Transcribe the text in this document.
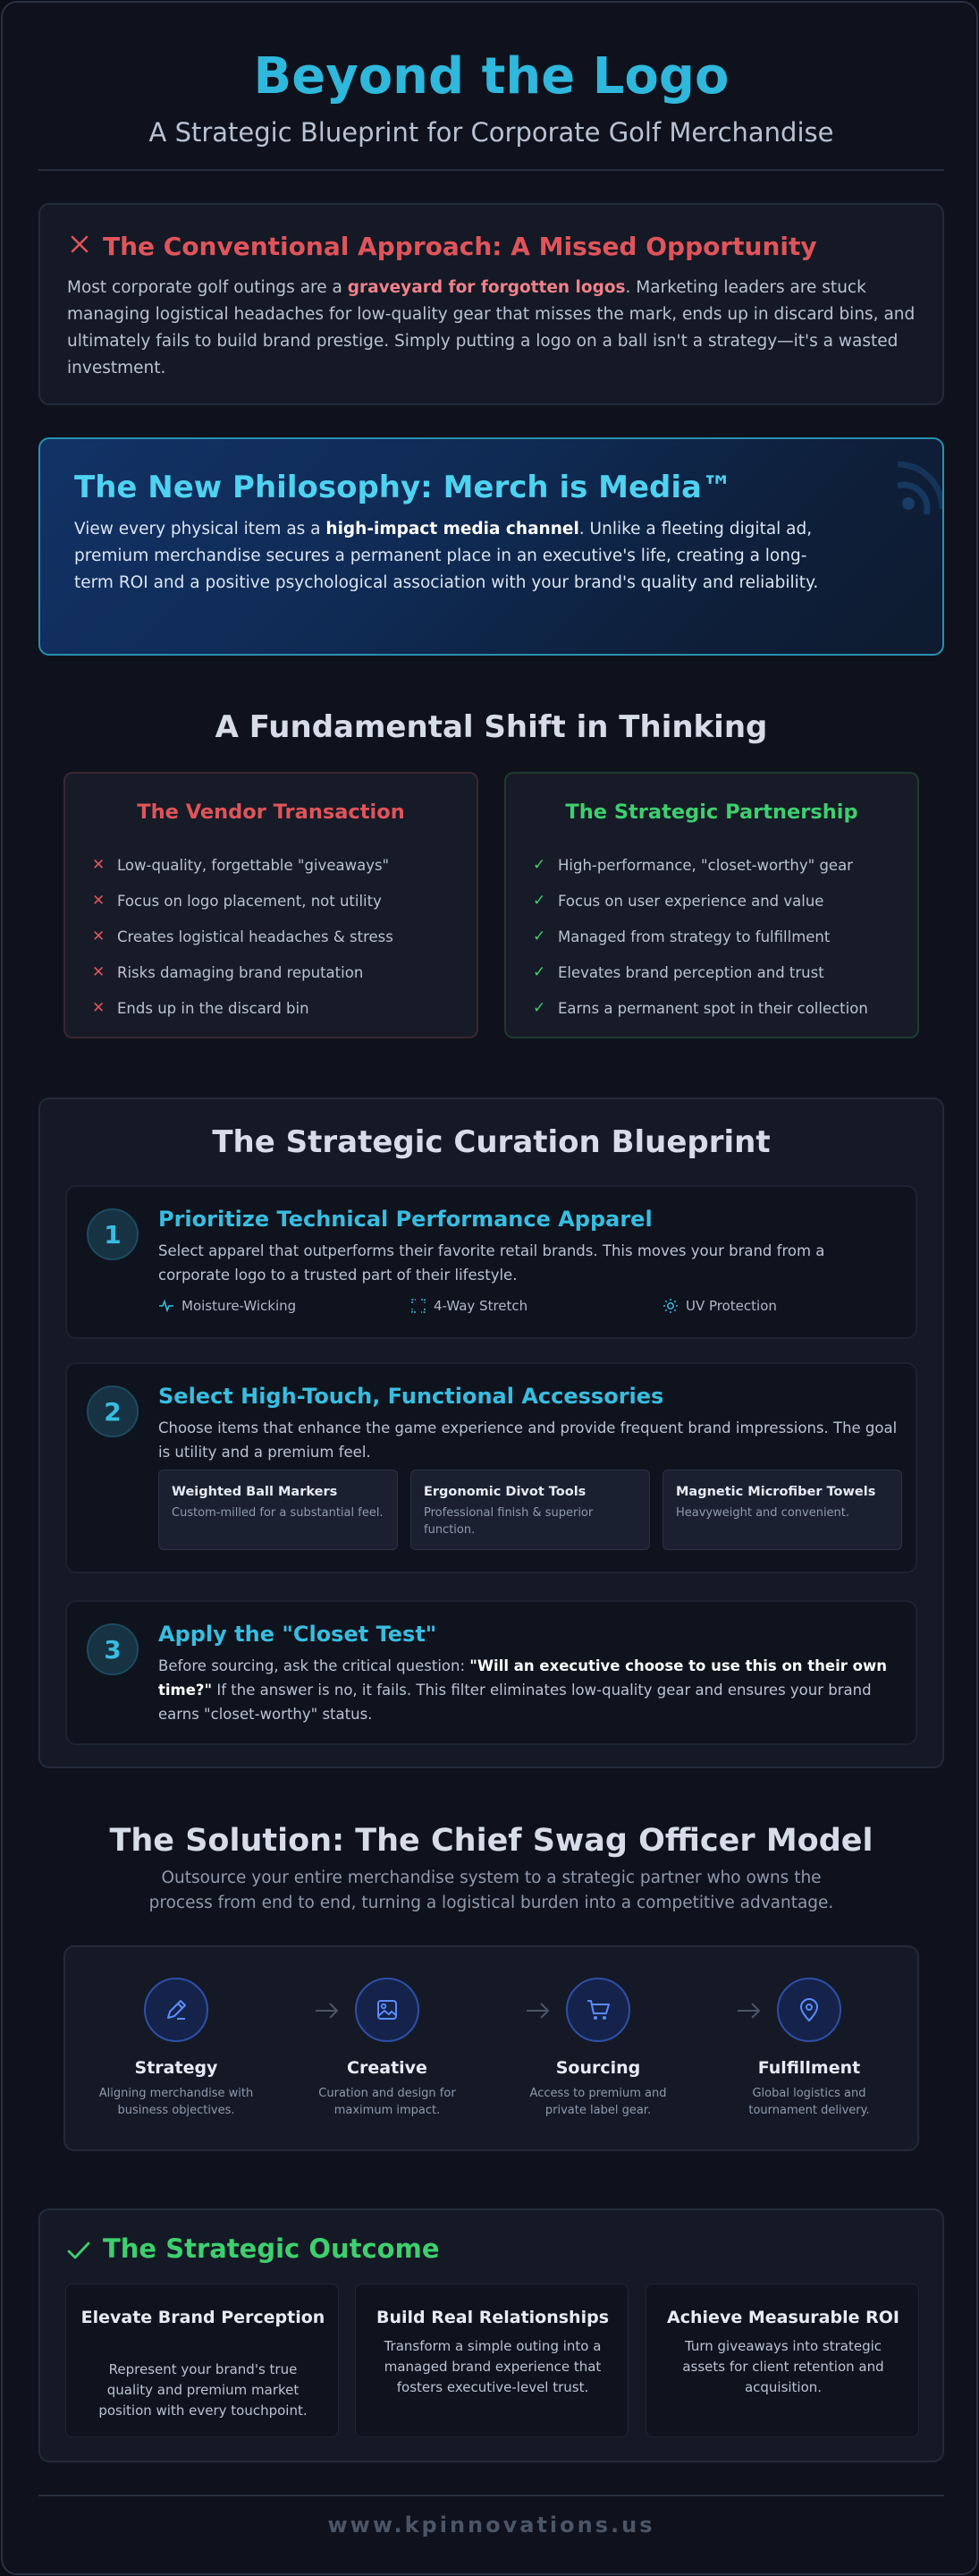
Beyond the Logo
A Strategic Blueprint for Corporate Golf Merchandise
The Conventional Approach: A Missed Opportunity
Most corporate golf outings are a graveyard for forgotten logos. Marketing leaders are stuck managing logistical headaches for low-quality gear that misses the mark, ends up in discard bins, and ultimately fails to build brand prestige. Simply putting a logo on a ball isn't a strategy—it's a wasted investment.
The New Philosophy: Merch is Media™
View every physical item as a high-impact media channel. Unlike a fleeting digital ad, premium merchandise secures a permanent place in an executive's life, creating a long-term ROI and a positive psychological association with your brand's quality and reliability.
A Fundamental Shift in Thinking
The Vendor Transaction
✕ Low-quality, forgettable "giveaways"
✕ Focus on logo placement, not utility
✕ Creates logistical headaches & stress
✕ Risks damaging brand reputation
✕ Ends up in the discard bin
The Strategic Partnership
✓ High-performance, "closet-worthy" gear
✓ Focus on user experience and value
✓ Managed from strategy to fulfillment
✓ Elevates brand perception and trust
✓ Earns a permanent spot in their collection
The Strategic Curation Blueprint
1
Prioritize Technical Performance Apparel
Select apparel that outperforms their favorite retail brands. This moves your brand from a corporate logo to a trusted part of their lifestyle.
Moisture-Wicking	4-Way Stretch	UV Protection
2
Select High-Touch, Functional Accessories
Choose items that enhance the game experience and provide frequent brand impressions. The goal is utility and a premium feel.
Weighted Ball Markers
Custom-milled for a substantial feel.
Ergonomic Divot Tools
Professional finish & superior function.
Magnetic Microfiber Towels
Heavyweight and convenient.
3
Apply the "Closet Test"
Before sourcing, ask the critical question: "Will an executive choose to use this on their own time?" If the answer is no, it fails. This filter eliminates low-quality gear and ensures your brand earns "closet-worthy" status.
The Solution: The Chief Swag Officer Model
Outsource your entire merchandise system to a strategic partner who owns the process from end to end, turning a logistical burden into a competitive advantage.
Strategy
Aligning merchandise with business objectives.
Creative
Curation and design for maximum impact.
Sourcing
Access to premium and private label gear.
Fulfillment
Global logistics and tournament delivery.
The Strategic Outcome
Elevate Brand Perception
Represent your brand's true quality and premium market position with every touchpoint.
Build Real Relationships
Transform a simple outing into a managed brand experience that fosters executive-level trust.
Achieve Measurable ROI
Turn giveaways into strategic assets for client retention and acquisition.
www.kpinnovations.us
